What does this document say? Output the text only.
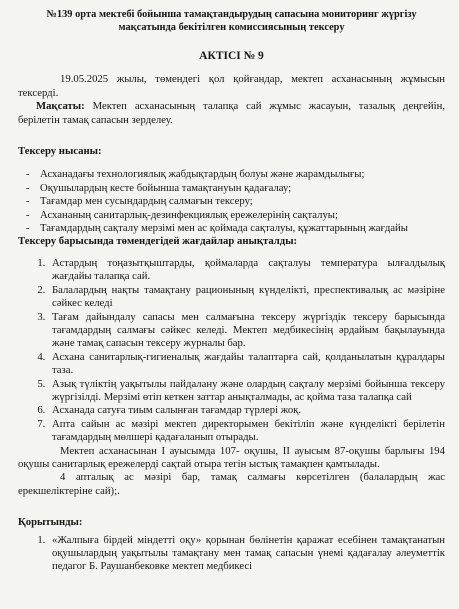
№139 орта мектебі бойынша тамақтандырудың сапасына мониторинг жүргізу
мақсатында бекітілген комиссиясының тексеру
АКТІСІ № 9

19.05.2025 жылы, төмендегі қол қойғандар, мектеп асханасының жұмысын тексерді.

Мақсаты: Мектеп асханасының талапқа сай жұмыс жасауын, тазалық деңгейін, берілетін тамақ сапасын зерделеу.

Тексеру нысаны:
- Асханадағы технологиялық жабдықтардың болуы және жарамдылығы;
- Оқушылардың кесте бойынша тамақтануын қадағалау;
- Тағамдар мен сусындардың салмағын тексеру;
- Асхананың санитарлық-дезинфекциялық ережелерінің сақталуы;
- Тағамдардың сақталу мерзімі мен ас қоймада сақталуы, құжаттарының жағдайы
Тексеру барысында төмендегідей жағдайлар анықталды:
1. Астардың тоңазытқыштарды, қоймаларда сақталуы температура ылғалдылық жағдайы талапқа сай.
2. Балалардың нақты тамақтану рационының күнделікті, преспективалық ас мәзіріне сәйкес келеді
3. Тағам дайындалу сапасы мен салмағына тексеру жүргіздік тексеру барысында тағамдардың салмағы сәйкес келеді. Мектеп медбикесінің әрдайым бақылауында және тамақ сапасын тексеру журналы бар.
4. Асхана санитарлық-гигиеналық жағдайы талаптарға сай, қолданылатын құралдары таза.
5. Азық түліктің уақытылы пайдалану және олардың сақталу мерзімі бойынша тексеру жүргізілді. Мерзімі өтіп кеткен заттар анықталмады, ас қойма таза талапқа сай
6. Асханада сатуға тиым салынған тағамдар түрлері жоқ.
7. Апта сайын ас мәзірі мектеп директорымен бекітіліп және күнделікті берілетін тағамдардың мөлшері қадағаланып отырады.

Мектеп асханасынан I ауысымда 107- оқушы, II ауысым 87-оқушы барлығы 194 оқушы санитарлық ережелерді сақтай отыра тегін ыстық тамақпен қамтылады.

4 апталық ас мәзірі бар, тамақ салмағы көрсетілген (балалардың жас ерекшеліктеріне сай);.

Қорытынды:
1. «Жалпыға бірдей міндетті оқу» қорынан бөлінетін қаражат есебінен тамақтанатын оқушылардың уақытылы тамақтану мен тамақ сапасын үнемі қадағалау әлеуметтік педагог Б. Раушанбековке мектеп медбикесі
